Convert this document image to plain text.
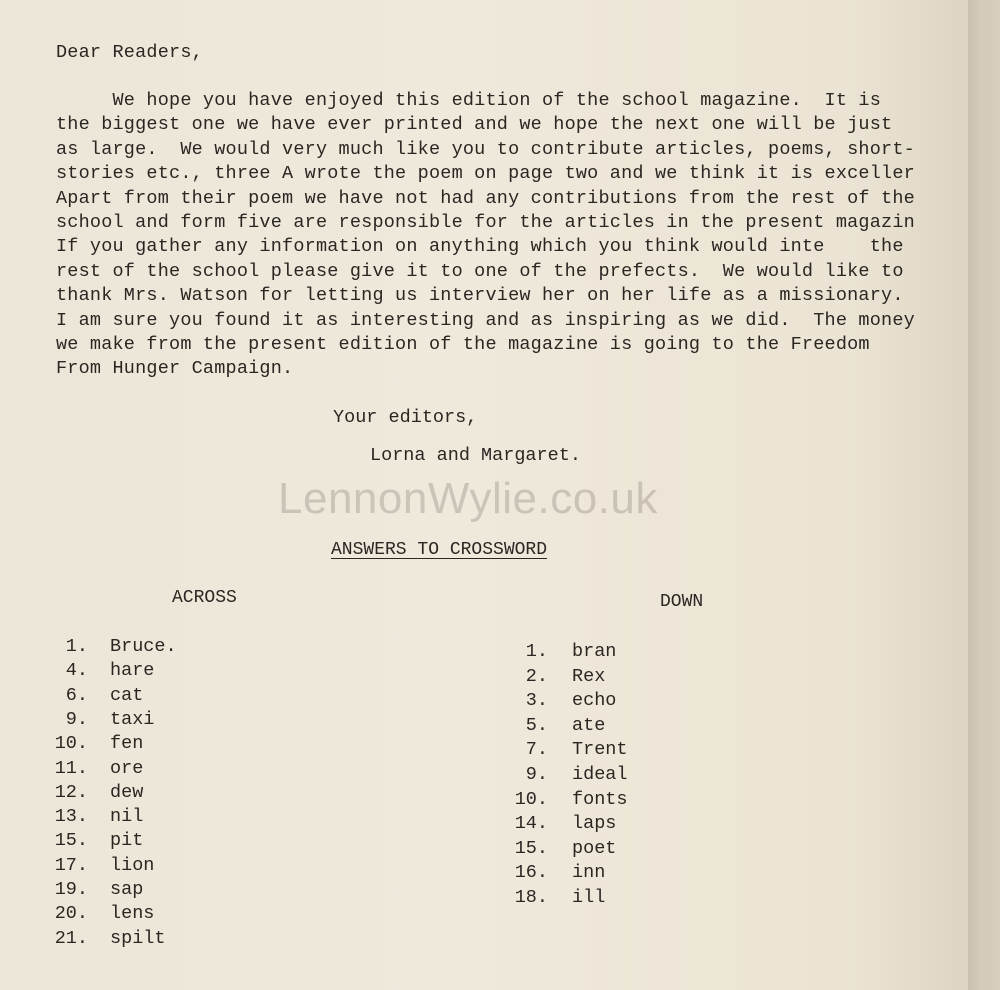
Dear Readers,
We hope you have enjoyed this edition of the school magazine.  It is
the biggest one we have ever printed and we hope the next one will be just
as large.  We would very much like you to contribute articles, poems, short-
stories etc., three A wrote the poem on page two and we think it is exceller
Apart from their poem we have not had any contributions from the rest of the
school and form five are responsible for the articles in the present magazin
If you gather any information on anything which you think would inte    the
rest of the school please give it to one of the prefects.  We would like to
thank Mrs. Watson for letting us interview her on her life as a missionary.
I am sure you found it as interesting and as inspiring as we did.  The money
we make from the present edition of the magazine is going to the Freedom
From Hunger Campaign.
Your editors,
Lorna and Margaret.
LennonWylie.co.uk
ANSWERS TO CROSSWORD
ACROSS	DOWN
1. Bruce.
4. hare
6. cat
9. taxi
10. fen
11. ore
12. dew
13. nil
15. pit
17. lion
19. sap
20. lens
21. spilt
1. bran
2. Rex
3. echo
5. ate
7. Trent
9. ideal
10. fonts
14. laps
15. poet
16. inn
18. ill
